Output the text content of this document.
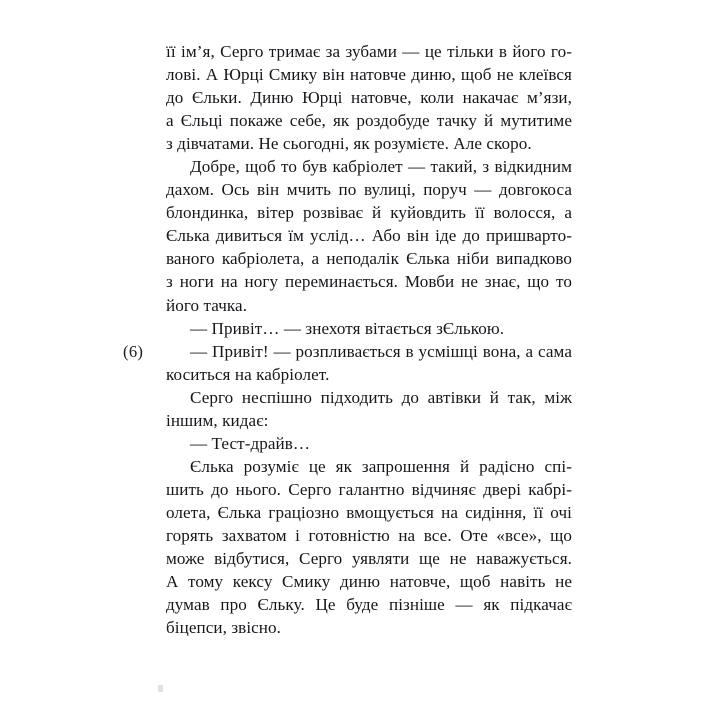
(6)
її ім’я, Серго тримає за зубами — це тільки в його го-
лові. А Юрці Смику він натовче диню, щоб не клеївся
до Єльки. Диню Юрці натовче, коли накачає м’язи,
а Єльці покаже себе, як роздобуде тачку й мутитиме
з дівчатами. Не сьогодні, як розумієте. Але скоро.
Добре, щоб то був кабріолет — такий, з відкидним
дахом. Ось він мчить по вулиці, поруч — довгокоса
блондинка, вітер розвіває й куйовдить її волосся, а
Єлька дивиться їм услід… Або він іде до пришварто-
ваного кабріолета, а неподалік Єлька ніби випадково
з ноги на ногу переминається. Мовби не знає, що то
його тачка.
— Привіт… — знехотя вітається зЄлькою.
— Привіт! — розпливається в усмішці вона, а сама
коситься на кабріолет.
Серго неспішно підходить до автівки й так, між
іншим, кидає:
— Тест-драйв…
Єлька розуміє це як запрошення й радісно спі-
шить до нього. Серго галантно відчиняє двері кабрі-
олета, Єлька граціозно вмощується на сидіння, її очі
горять захватом і готовністю на все. Оте «все», що
може відбутися, Серго уявляти ще не наважується.
А тому кексу Смику диню натовче, щоб навіть не
думав про Єльку. Це буде пізніше — як підкачає
біцепси, звісно.
